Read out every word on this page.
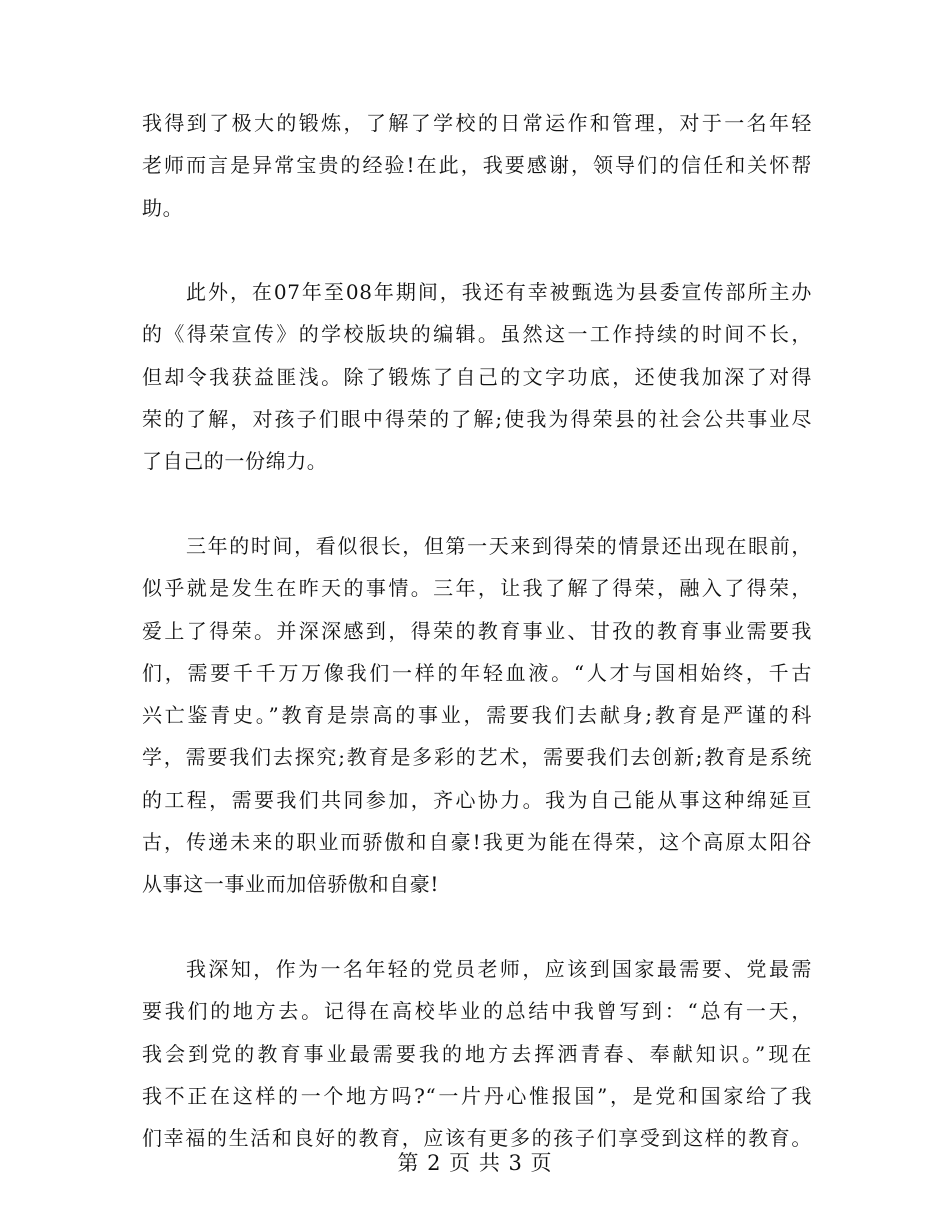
我得到了极大的锻炼，了解了学校的日常运作和管理，对于一名年轻
老师而言是异常宝贵的经验!在此，我要感谢，领导们的信任和关怀帮
助。
此外，在07年至08年期间，我还有幸被甄选为县委宣传部所主办
的《得荣宣传》的学校版块的编辑。虽然这一工作持续的时间不长，
但却令我获益匪浅。除了锻炼了自己的文字功底，还使我加深了对得
荣的了解，对孩子们眼中得荣的了解;使我为得荣县的社会公共事业尽
了自己的一份绵力。
三年的时间，看似很长，但第一天来到得荣的情景还出现在眼前，
似乎就是发生在昨天的事情。三年，让我了解了得荣，融入了得荣，
爱上了得荣。并深深感到，得荣的教育事业、甘孜的教育事业需要我
们，需要千千万万像我们一样的年轻血液。“人才与国相始终，千古
兴亡鉴青史。”教育是崇高的事业，需要我们去献身;教育是严谨的科
学，需要我们去探究;教育是多彩的艺术，需要我们去创新;教育是系统
的工程，需要我们共同参加，齐心协力。我为自己能从事这种绵延亘
古，传递未来的职业而骄傲和自豪!我更为能在得荣，这个高原太阳谷
从事这一事业而加倍骄傲和自豪!
我深知，作为一名年轻的党员老师，应该到国家最需要、党最需
要我们的地方去。记得在高校毕业的总结中我曾写到：“总有一天，
我会到党的教育事业最需要我的地方去挥洒青春、奉献知识。”现在
我不正在这样的一个地方吗?“一片丹心惟报国”，是党和国家给了我
们幸福的生活和良好的教育，应该有更多的孩子们享受到这样的教育。
第 2 页 共 3 页
